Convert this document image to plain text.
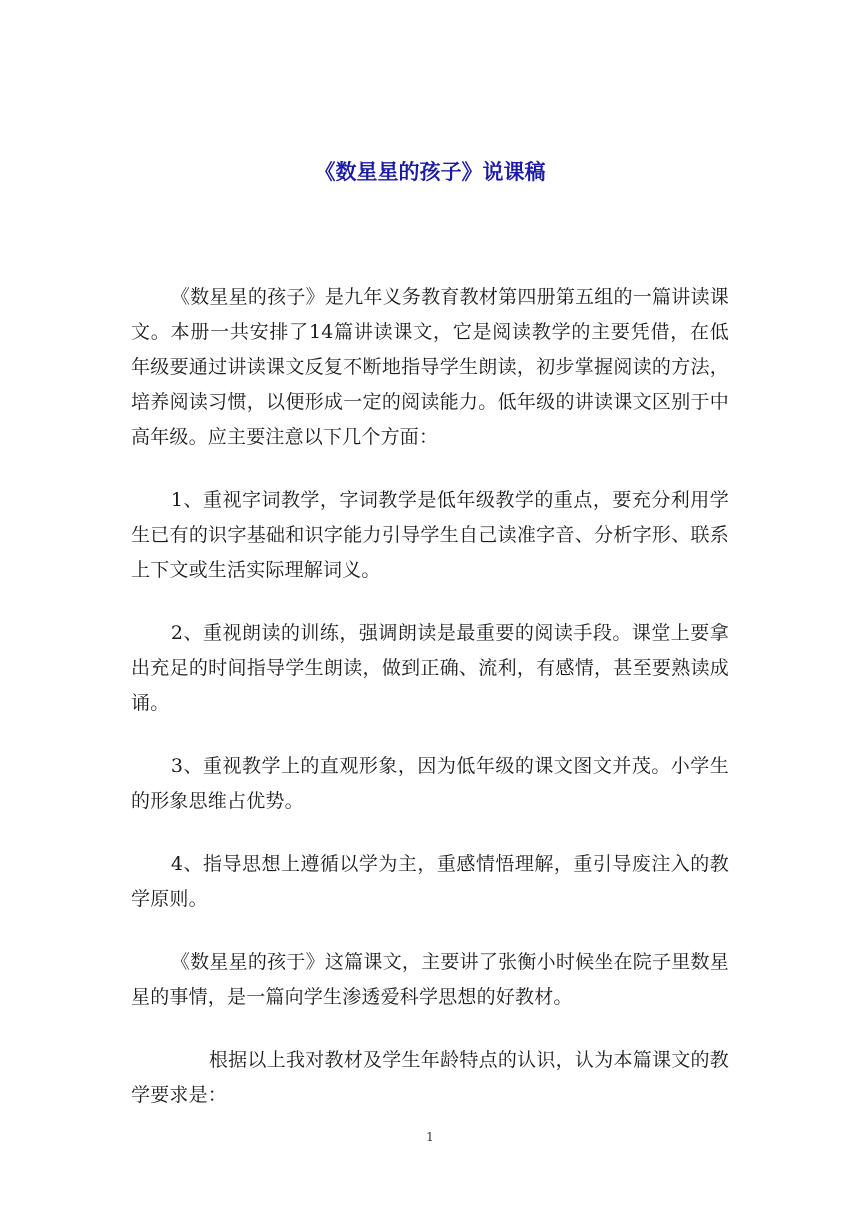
《数星星的孩子》说课稿

《数星星的孩子》是九年义务教育教材第四册第五组的一篇讲读课文。本册一共安排了14篇讲读课文，它是阅读教学的主要凭借，在低年级要通过讲读课文反复不断地指导学生朗读，初步掌握阅读的方法，培养阅读习惯，以便形成一定的阅读能力。低年级的讲读课文区别于中高年级。应主要注意以下几个方面：

1、重视字词教学，字词教学是低年级教学的重点，要充分利用学生已有的识字基础和识字能力引导学生自己读准字音、分析字形、联系上下文或生活实际理解词义。

2、重视朗读的训练，强调朗读是最重要的阅读手段。课堂上要拿出充足的时间指导学生朗读，做到正确、流利，有感情，甚至要熟读成诵。

3、重视教学上的直观形象，因为低年级的课文图文并茂。小学生的形象思维占优势。

4、指导思想上遵循以学为主，重感情悟理解，重引导废注入的教学原则。

《数星星的孩于》这篇课文，主要讲了张衡小时候坐在院子里数星星的事情，是一篇向学生渗透爱科学思想的好教材。

根据以上我对教材及学生年龄特点的认识，认为本篇课文的教学要求是：

1
